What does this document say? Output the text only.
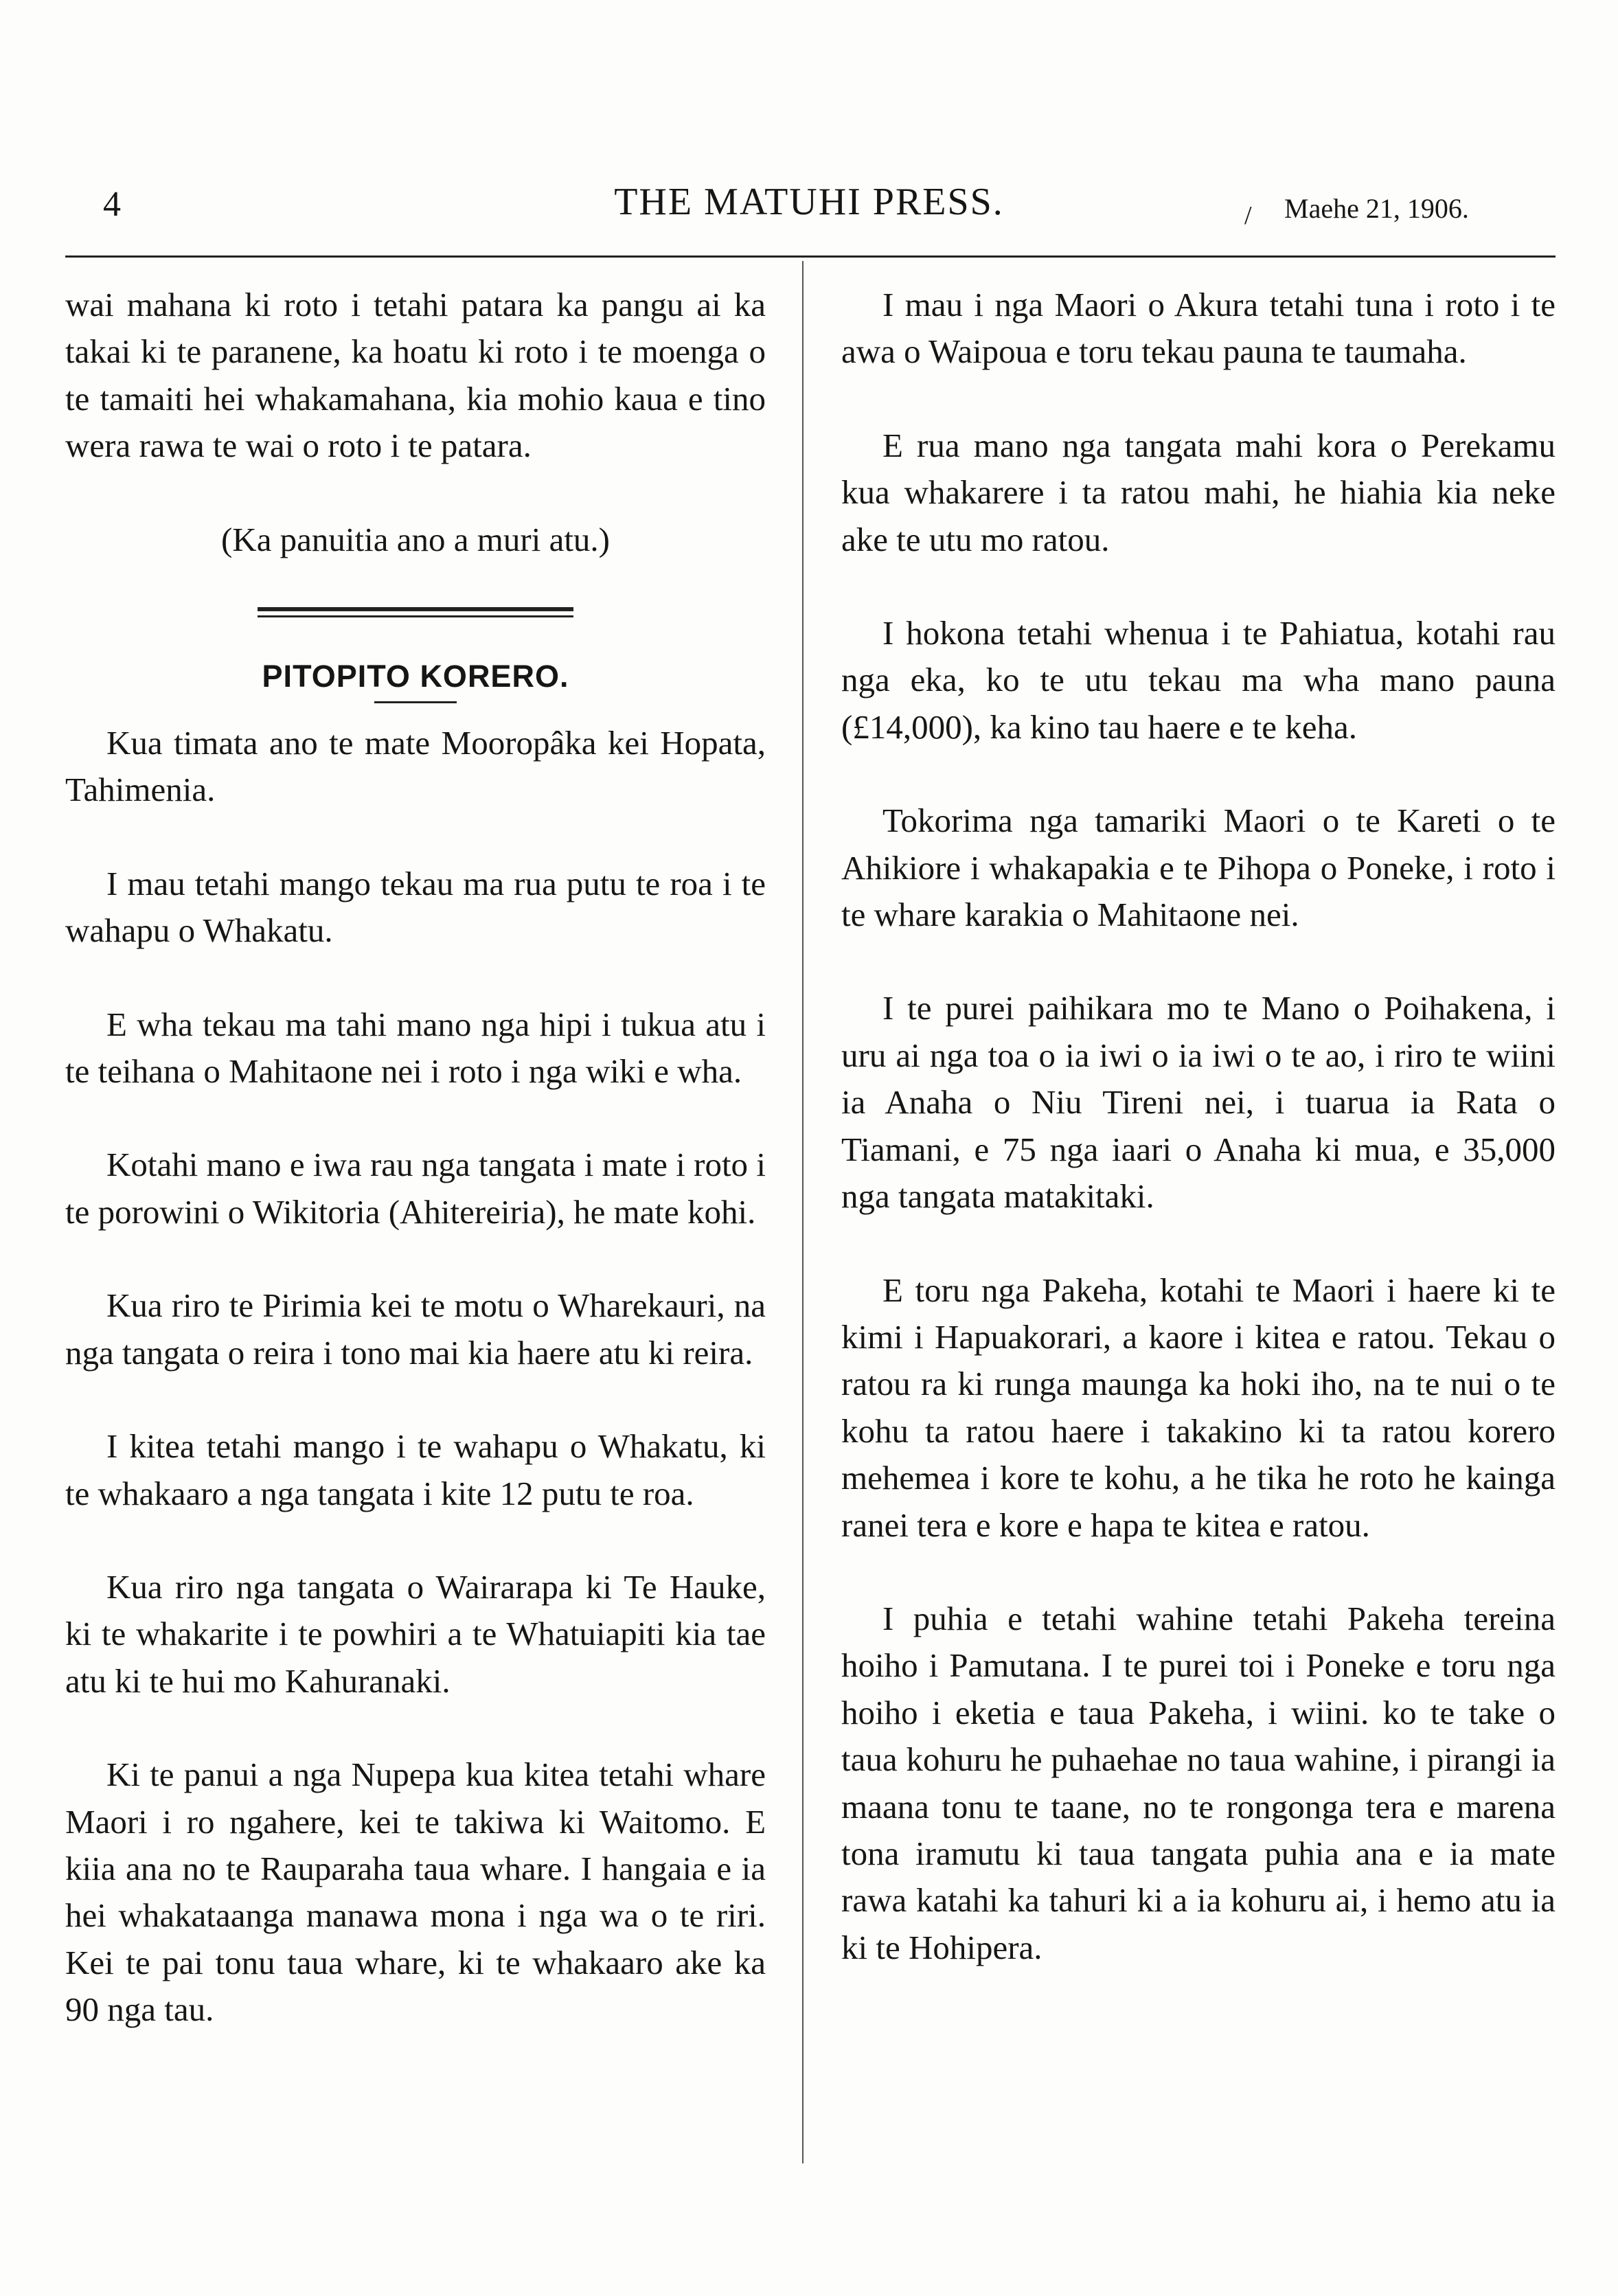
4	THE MATUHI PRESS.	/ Maehe 21, 1906.

wai mahana ki roto i tetahi patara ka pangu ai ka takai ki te paranene, ka hoatu ki roto i te moenga o te tamaiti hei whakamahana, kia mohio kaua e tino wera rawa te wai o roto i te patara.

(Ka panuitia ano a muri atu.)
PITOPITO KORERO.

Kua timata ano te mate Mooropâka kei Hopata, Tahimenia.

I mau tetahi mango tekau ma rua putu te roa i te wahapu o Whakatu.

E wha tekau ma tahi mano nga hipi i tukua atu i te teihana o Mahitaone nei i roto i nga wiki e wha.

Kotahi mano e iwa rau nga tangata i mate i roto i te porowini o Wikitoria (Ahitereiria), he mate kohi.

Kua riro te Pirimia kei te motu o Wharekauri, na nga tangata o reira i tono mai kia haere atu ki reira.

I kitea tetahi mango i te wahapu o Whakatu, ki te whakaaro a nga tangata i kite 12 putu te roa.

Kua riro nga tangata o Wairarapa ki Te Hauke, ki te whakarite i te powhiri a te Whatuiapiti kia tae atu ki te hui mo Kahuranaki.

Ki te panui a nga Nupepa kua kitea tetahi whare Maori i ro ngahere, kei te takiwa ki Waitomo. E kiia ana no te Rauparaha taua whare. I hangaia e ia hei whakataanga manawa mona i nga wa o te riri. Kei te pai tonu taua whare, ki te whakaaro ake ka 90 nga tau.

I mau i nga Maori o Akura tetahi tuna i roto i te awa o Waipoua e toru tekau pauna te taumaha.

E rua mano nga tangata mahi kora o Perekamu kua whakarere i ta ratou mahi, he hiahia kia neke ake te utu mo ratou.

I hokona tetahi whenua i te Pahiatua, kotahi rau nga eka, ko te utu tekau ma wha mano pauna (£14,000), ka kino tau haere e te keha.

Tokorima nga tamariki Maori o te Kareti o te Ahikiore i whakapakia e te Pihopa o Poneke, i roto i te whare karakia o Mahitaone nei.

I te purei paihikara mo te Mano o Poihakena, i uru ai nga toa o ia iwi o ia iwi o te ao, i riro te wiini ia Anaha o Niu Tireni nei, i tuarua ia Rata o Tiamani, e 75 nga iaari o Anaha ki mua, e 35,000 nga tangata matakitaki.

E toru nga Pakeha, kotahi te Maori i haere ki te kimi i Hapuakorari, a kaore i kitea e ratou. Tekau o ratou ra ki runga maunga ka hoki iho, na te nui o te kohu ta ratou haere i takakino ki ta ratou korero mehemea i kore te kohu, a he tika he roto he kainga ranei tera e kore e hapa te kitea e ratou.

I puhia e tetahi wahine tetahi Pakeha tereina hoiho i Pamutana. I te purei toi i Poneke e toru nga hoiho i eketia e taua Pakeha, i wiini. ko te take o taua kohuru he puhaehae no taua wahine, i pirangi ia maana tonu te taane, no te rongonga tera e marena tona iramutu ki taua tangata puhia ana e ia mate rawa katahi ka tahuri ki a ia kohuru ai, i hemo atu ia ki te Hohipera.
